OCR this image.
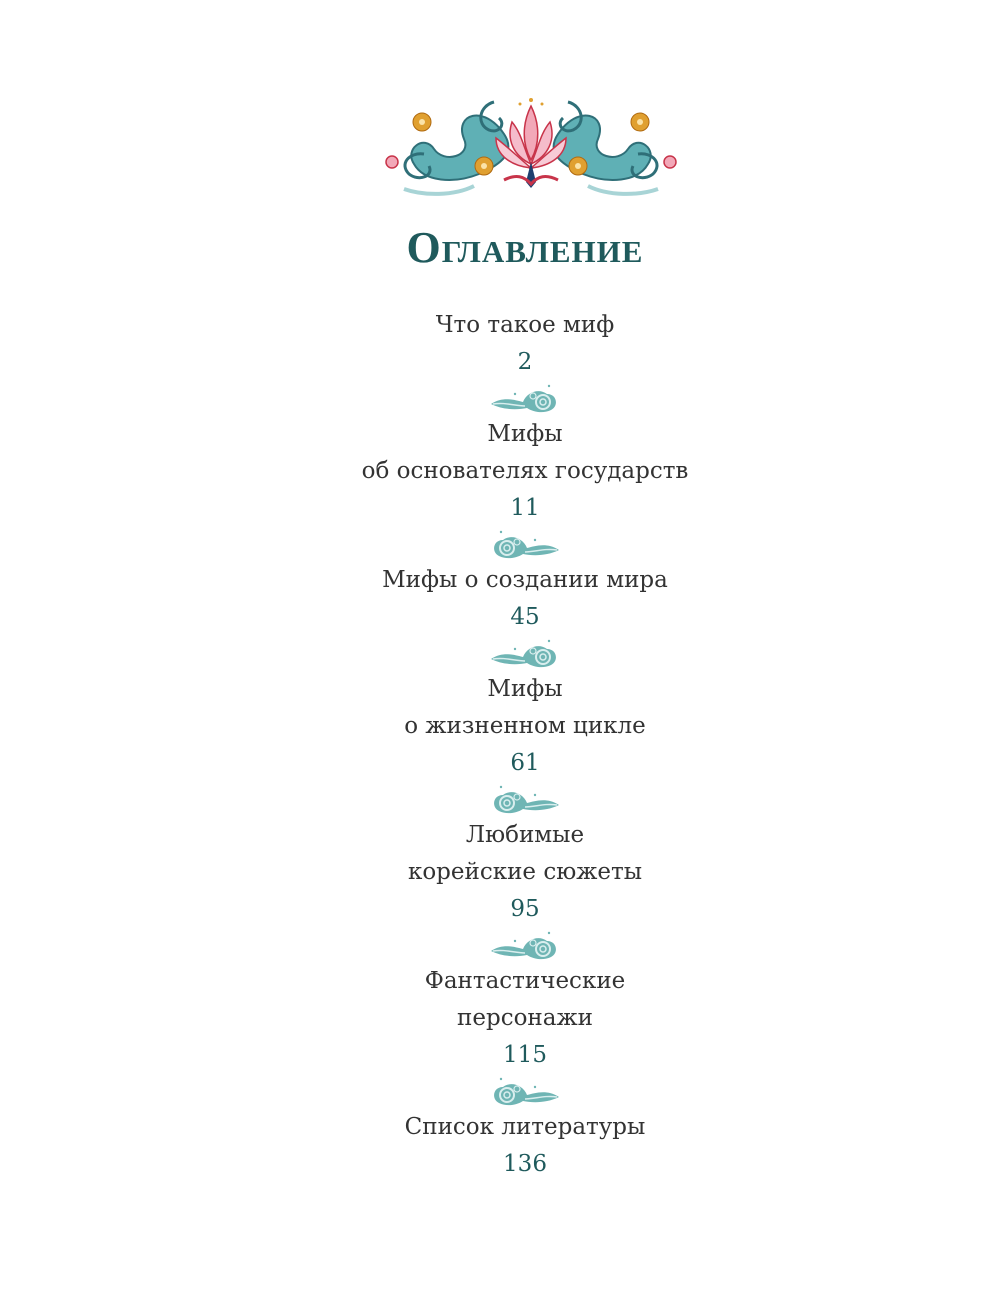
Оглавление
Что такое миф
2
Мифы
об основателях государств
11
Мифы о создании мира
45
Мифы
о жизненном цикле
61
Любимые
корейские сюжеты
95
Фантастические
персонажи
115
Список литературы
136
